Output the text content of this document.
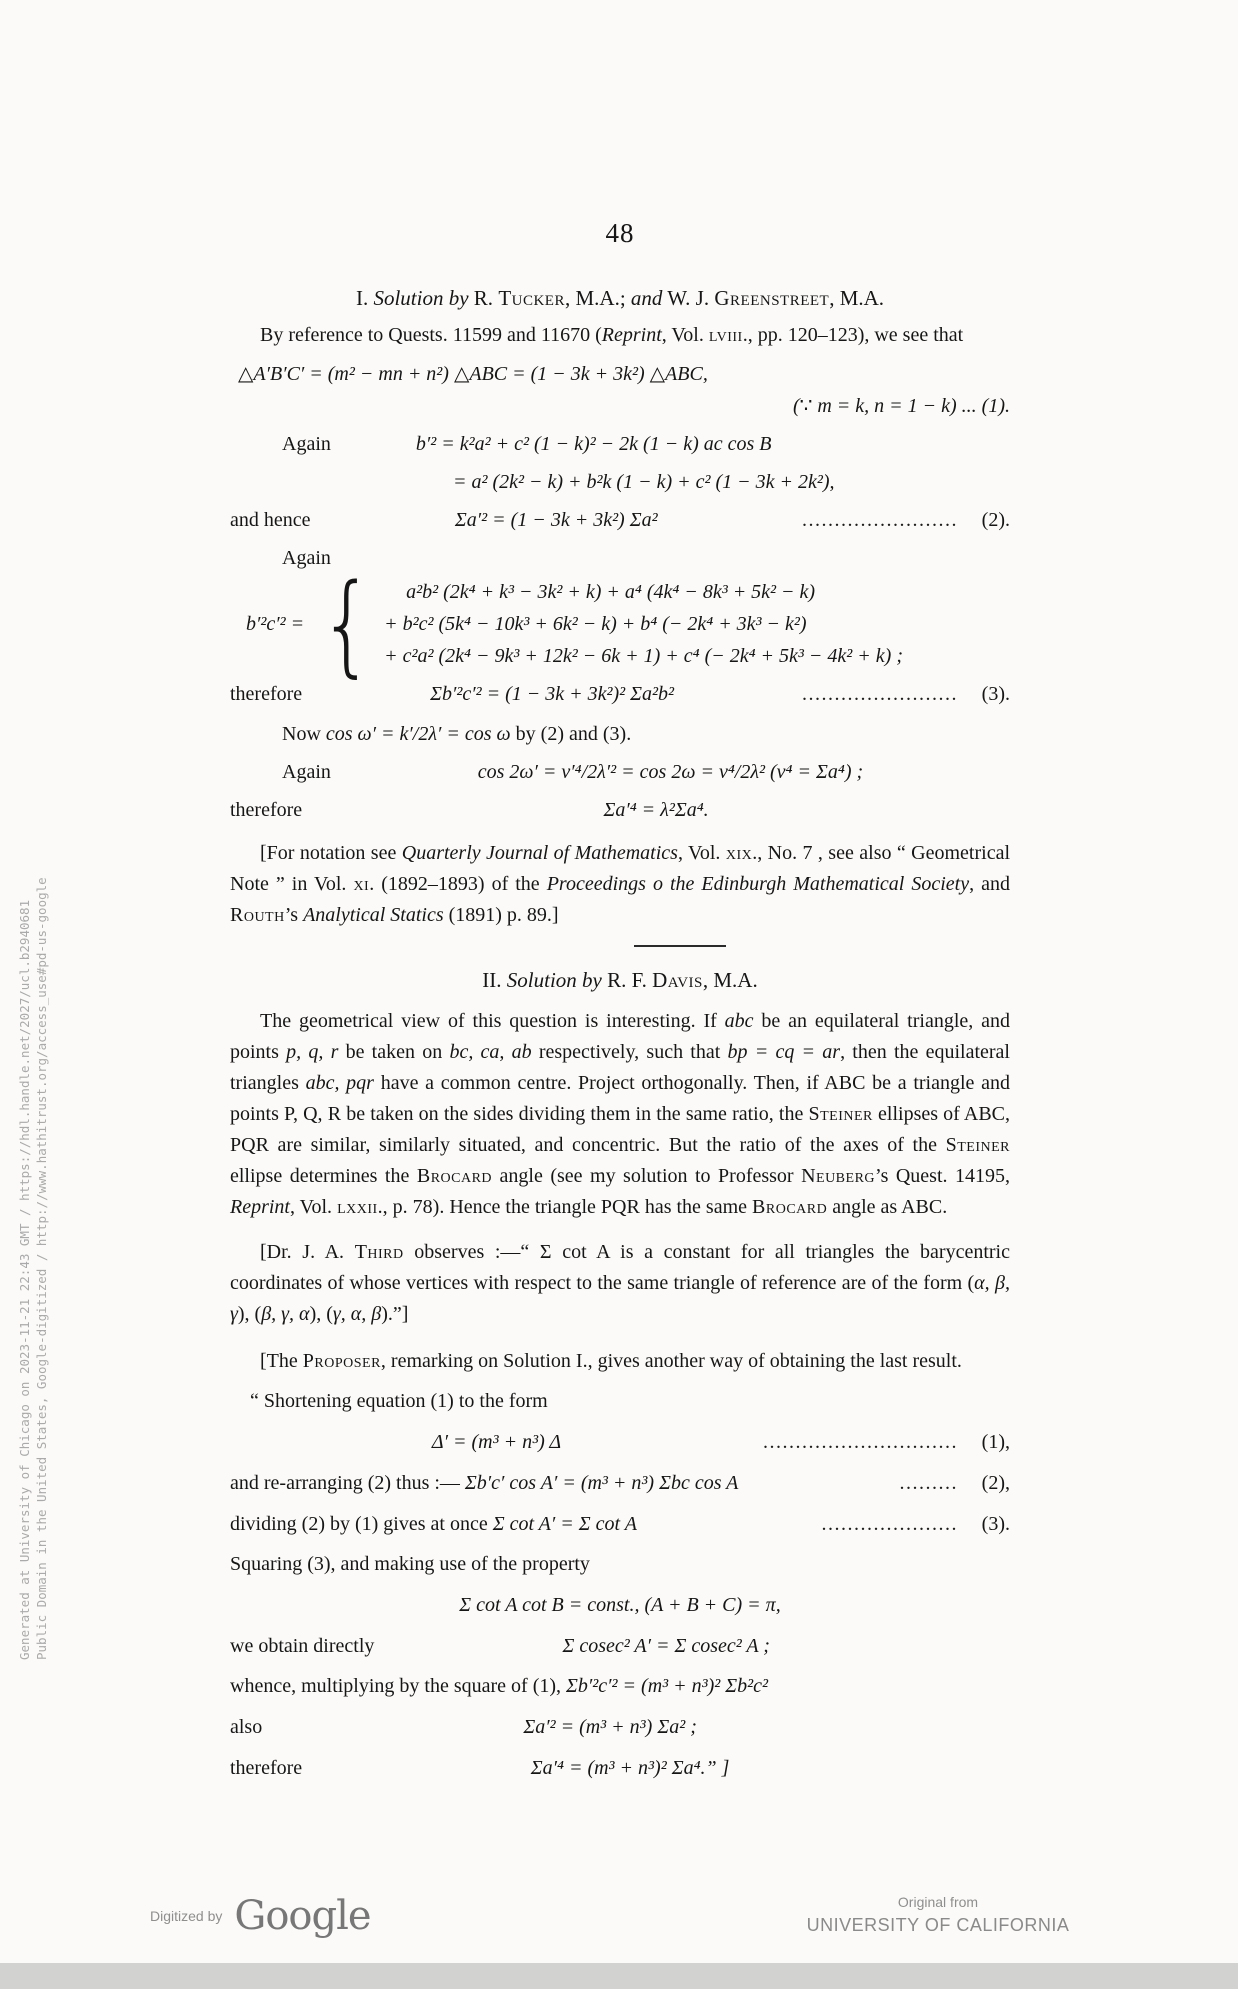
Generated at University of Chicago on 2023-11-21 22:43 GMT / https://hdl.handle.net/2027/ucl.b2940681 Public Domain in the United States, Google-digitized / http://www.hathitrust.org/access_use#pd-us-google
48
I. Solution by R. Tucker, M.A.; and W. J. Greenstreet, M.A.

By reference to Quests. 11599 and 11670 (Reprint, Vol. lviii., pp. 120–123), we see that

△A′B′C′ = (m² − mn + n²) △ABC = (1 − 3k + 3k²) △ABC,
(∵ m = k, n = 1 − k) ... (1).
Again	b′² = k²a² + c² (1 − k)² − 2k (1 − k) ac cos B
= a² (2k² − k) + b²k (1 − k) + c² (1 − 3k + 2k²),
and hence	Σa′² = (1 − 3k + 3k²) Σa²	........................	(2).
Again
b′²c′² = {	a²b² (2k⁴ + k³ − 3k² + k) + a⁴ (4k⁴ − 8k³ + 5k² − k)
+ b²c² (5k⁴ − 10k³ + 6k² − k) + b⁴ (− 2k⁴ + 3k³ − k²)
+ c²a² (2k⁴ − 9k³ + 12k² − 6k + 1) + c⁴ (− 2k⁴ + 5k³ − 4k² + k) ;
therefore	Σb′²c′² = (1 − 3k + 3k²)² Σa²b²	........................	(3).
Now cos ω′ = k′/2λ′ = cos ω by (2) and (3).
Again	cos 2ω′ = ν′⁴/2λ′² = cos 2ω = ν⁴/2λ² (ν⁴ = Σa⁴) ;
therefore	Σa′⁴ = λ²Σa⁴.

[For notation see Quarterly Journal of Mathematics, Vol. xix., No. 7 , see also “ Geometrical Note ” in Vol. xi. (1892–1893) of the Proceedings o the Edinburgh Mathematical Society, and Routh’s Analytical Statics (1891) p. 89.]

II. Solution by R. F. Davis, M.A.

The geometrical view of this question is interesting. If abc be an equilateral triangle, and points p, q, r be taken on bc, ca, ab respectively, such that bp = cq = ar, then the equilateral triangles abc, pqr have a common centre. Project orthogonally. Then, if ABC be a triangle and points P, Q, R be taken on the sides dividing them in the same ratio, the Steiner ellipses of ABC, PQR are similar, similarly situated, and concentric. But the ratio of the axes of the Steiner ellipse determines the Brocard angle (see my solution to Professor Neuberg’s Quest. 14195, Reprint, Vol. lxxii., p. 78). Hence the triangle PQR has the same Brocard angle as ABC.

[Dr. J. A. Third observes :—“ Σ cot A is a constant for all triangles the barycentric coordinates of whose vertices with respect to the same triangle of reference are of the form (α, β, γ), (β, γ, α), (γ, α, β).”]

[The Proposer, remarking on Solution I., gives another way of obtaining the last result.

“ Shortening equation (1) to the form
Δ′ = (m³ + n³) Δ	..............................	(1),
and re-arranging (2) thus :— Σb′c′ cos A′ = (m³ + n³) Σbc cos A	.........	(2),
dividing (2) by (1) gives at once Σ cot A′ = Σ cot A	.....................	(3).
Squaring (3), and making use of the property
Σ cot A cot B = const., (A + B + C) = π,
we obtain directly	Σ cosec² A′ = Σ cosec² A ;
whence, multiplying by the square of (1), Σb′²c′² = (m³ + n³)² Σb²c²
also	Σa′² = (m³ + n³) Σa² ;
therefore	Σa′⁴ = (m³ + n³)² Σa⁴.” ]
Digitized by Google	Original from
UNIVERSITY OF CALIFORNIA
